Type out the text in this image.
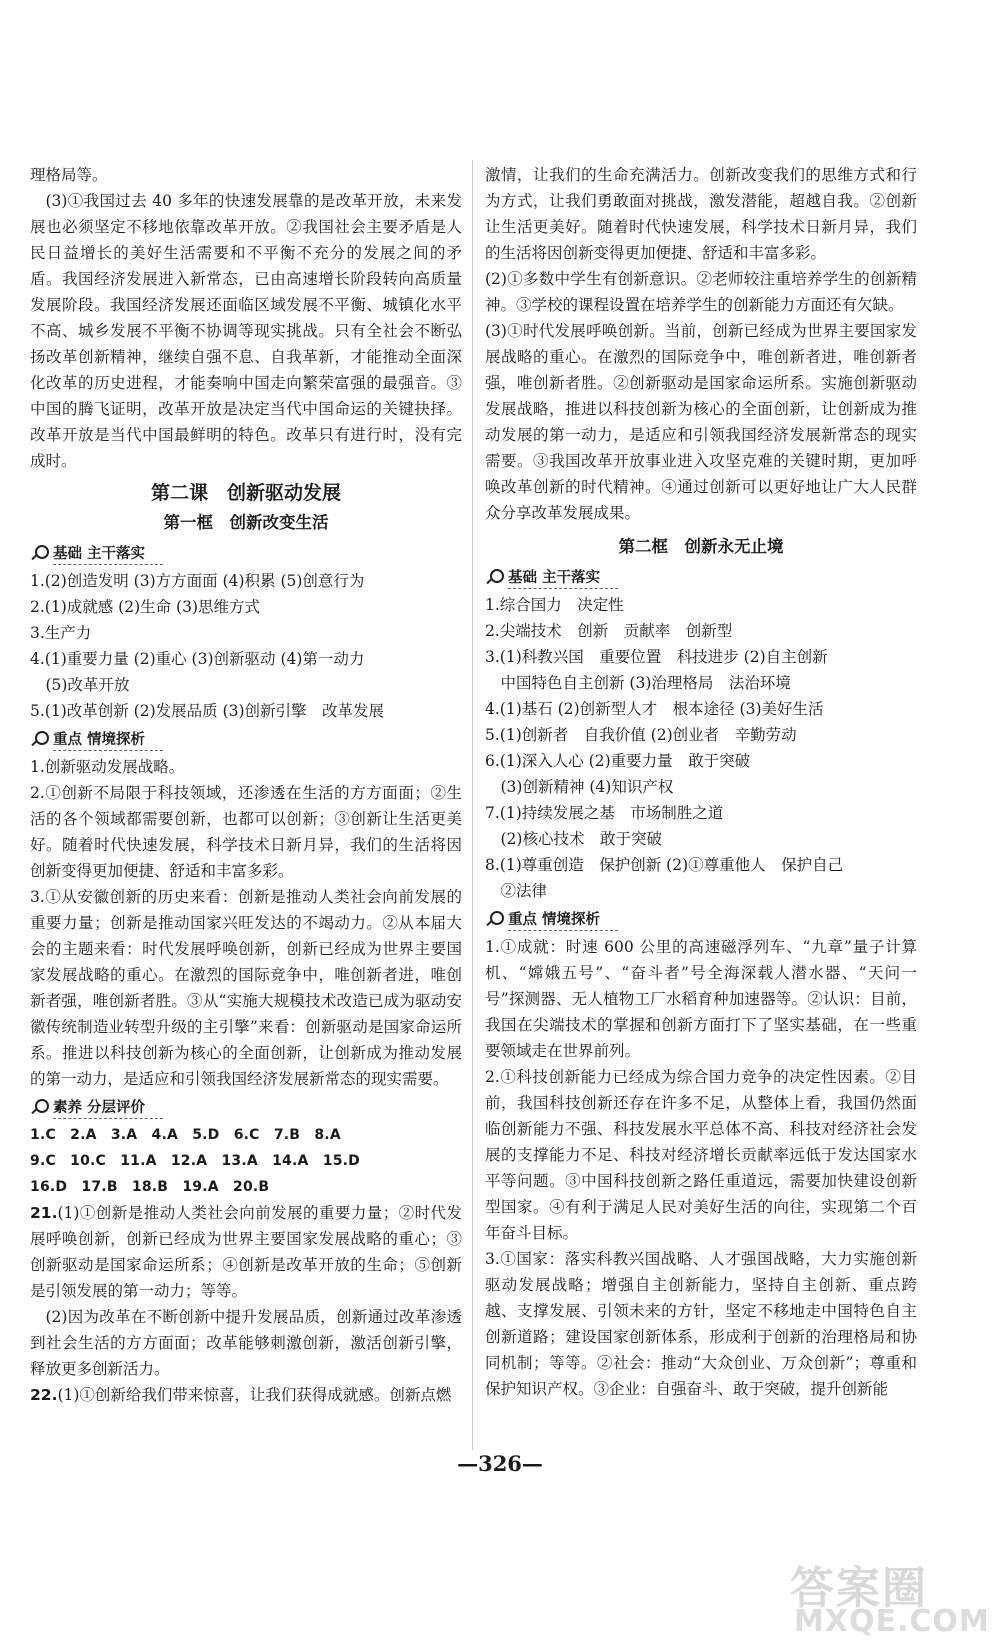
理格局等。

(3)①我国过去 40 多年的快速发展靠的是改革开放，未来发展也必须坚定不移地依靠改革开放。②我国社会主要矛盾是人民日益增长的美好生活需要和不平衡不充分的发展之间的矛盾。我国经济发展进入新常态，已由高速增长阶段转向高质量发展阶段。我国经济发展还面临区域发展不平衡、城镇化水平不高、城乡发展不平衡不协调等现实挑战。只有全社会不断弘扬改革创新精神，继续自强不息、自我革新，才能推动全面深化改革的历史进程，才能奏响中国走向繁荣富强的最强音。③中国的腾飞证明，改革开放是决定当代中国命运的关键抉择。改革开放是当代中国最鲜明的特色。改革只有进行时，没有完成时。

第二课　创新驱动发展
第一框　创新改变生活
基础 主干落实

1.(2)创造发明 (3)方方面面 (4)积累 (5)创意行为

2.(1)成就感 (2)生命 (3)思维方式

3.生产力

4.(1)重要力量 (2)重心 (3)创新驱动 (4)第一动力

(5)改革开放

5.(1)改革创新 (2)发展品质 (3)创新引擎　改革发展

重点 情境探析

1.创新驱动发展战略。

2.①创新不局限于科技领域，还渗透在生活的方方面面；②生活的各个领域都需要创新，也都可以创新；③创新让生活更美好。随着时代快速发展，科学技术日新月异，我们的生活将因创新变得更加便捷、舒适和丰富多彩。

3.①从安徽创新的历史来看：创新是推动人类社会向前发展的重要力量；创新是推动国家兴旺发达的不竭动力。②从本届大会的主题来看：时代发展呼唤创新，创新已经成为世界主要国家发展战略的重心。在激烈的国际竞争中，唯创新者进，唯创新者强，唯创新者胜。③从“实施大规模技术改造已成为驱动安徽传统制造业转型升级的主引擎”来看：创新驱动是国家命运所系。推进以科技创新为核心的全面创新，让创新成为推动发展的第一动力，是适应和引领我国经济发展新常态的现实需要。

素养 分层评价

1.C　2.A　3.A　4.A　5.D　6.C　7.B　8.A

9.C　10.C　11.A　12.A　13.A　14.A　15.D

16.D　17.B　18.B　19.A　20.B

21.(1)①创新是推动人类社会向前发展的重要力量；②时代发展呼唤创新，创新已经成为世界主要国家发展战略的重心；③创新驱动是国家命运所系；④创新是改革开放的生命；⑤创新是引领发展的第一动力；等等。

(2)因为改革在不断创新中提升发展品质，创新通过改革渗透到社会生活的方方面面；改革能够刺激创新，激活创新引擎，释放更多创新活力。

22.(1)①创新给我们带来惊喜，让我们获得成就感。创新点燃

激情，让我们的生命充满活力。创新改变我们的思维方式和行为方式，让我们勇敢面对挑战，激发潜能，超越自我。②创新让生活更美好。随着时代快速发展，科学技术日新月异，我们的生活将因创新变得更加便捷、舒适和丰富多彩。

(2)①多数中学生有创新意识。②老师较注重培养学生的创新精神。③学校的课程设置在培养学生的创新能力方面还有欠缺。

(3)①时代发展呼唤创新。当前，创新已经成为世界主要国家发展战略的重心。在激烈的国际竞争中，唯创新者进，唯创新者强，唯创新者胜。②创新驱动是国家命运所系。实施创新驱动发展战略，推进以科技创新为核心的全面创新，让创新成为推动发展的第一动力，是适应和引领我国经济发展新常态的现实需要。③我国改革开放事业进入攻坚克难的关键时期，更加呼唤改革创新的时代精神。④通过创新可以更好地让广大人民群众分享改革发展成果。

第二框　创新永无止境
基础 主干落实

1.综合国力　决定性

2.尖端技术　创新　贡献率　创新型

3.(1)科教兴国　重要位置　科技进步 (2)自主创新

中国特色自主创新 (3)治理格局　法治环境

4.(1)基石 (2)创新型人才　根本途径 (3)美好生活

5.(1)创新者　自我价值 (2)创业者　辛勤劳动

6.(1)深入人心 (2)重要力量　敢于突破

(3)创新精神 (4)知识产权

7.(1)持续发展之基　市场制胜之道

(2)核心技术　敢于突破

8.(1)尊重创造　保护创新 (2)①尊重他人　保护自己

②法律

重点 情境探析

1.①成就：时速 600 公里的高速磁浮列车、“九章”量子计算机、“嫦娥五号”、“奋斗者”号全海深载人潜水器、“天问一号”探测器、无人植物工厂水稻育种加速器等。②认识：目前，我国在尖端技术的掌握和创新方面打下了坚实基础，在一些重要领域走在世界前列。

2.①科技创新能力已经成为综合国力竞争的决定性因素。②目前，我国科技创新还存在许多不足，从整体上看，我国仍然面临创新能力不强、科技发展水平总体不高、科技对经济社会发展的支撑能力不足、科技对经济增长贡献率远低于发达国家水平等问题。③中国科技创新之路任重道远，需要加快建设创新型国家。④有利于满足人民对美好生活的向往，实现第二个百年奋斗目标。

3.①国家：落实科教兴国战略、人才强国战略，大力实施创新驱动发展战略；增强自主创新能力，坚持自主创新、重点跨越、支撑发展、引领未来的方针，坚定不移地走中国特色自主创新道路；建设国家创新体系，形成利于创新的治理格局和协同机制；等等。②社会：推动“大众创业、万众创新”；尊重和保护知识产权。③企业：自强奋斗、敢于突破，提升创新能

—326—
答案圈
MXQE.COM
